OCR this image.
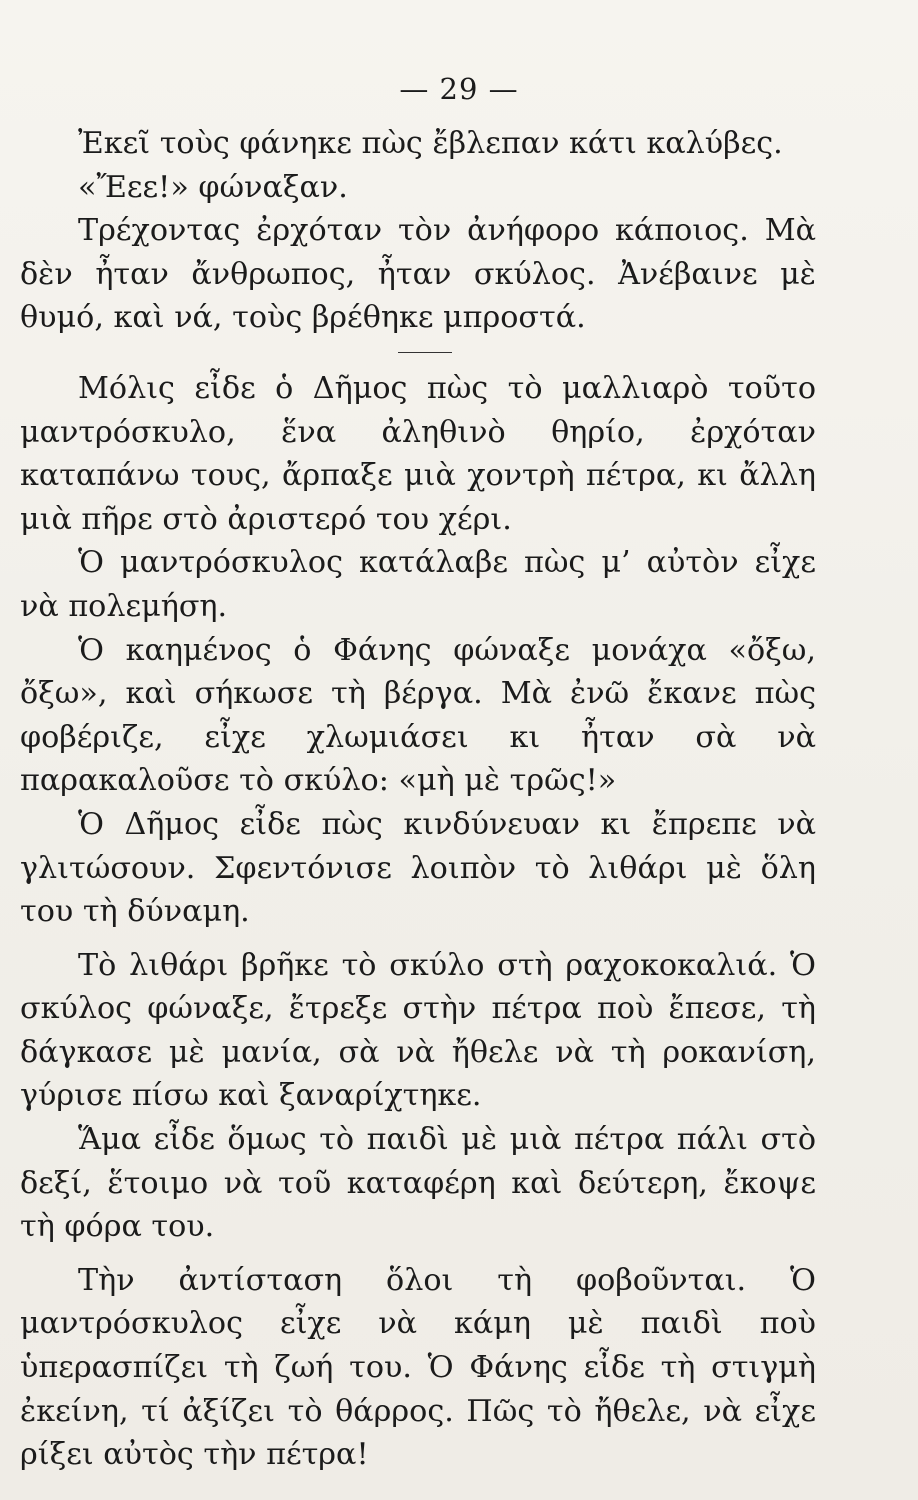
— 29 —

Ἐκεῖ τοὺς φάνηκε πὼς ἔβλεπαν κάτι καλύβες.

«Ἔεε!» φώναξαν.

Τρέχοντας ἐρχόταν τὸν ἀνήφορο κάποιος. Μὰ δὲν ἦταν ἄνθρωπος, ἦταν σκύλος. Ἀνέβαινε μὲ θυμό, καὶ νά, τοὺς βρέθηκε μπροστά.

Μόλις εἶδε ὁ Δῆμος πὼς τὸ μαλλιαρὸ τοῦτο μαντρόσκυλο, ἕνα ἀληθινὸ θηρίο, ἐρχόταν καταπάνω τους, ἄρπαξε μιὰ χοντρὴ πέτρα, κι ἄλλη μιὰ πῆρε στὸ ἀριστερό του χέρι.

Ὁ μαντρόσκυλος κατάλαβε πὼς μ’ αὐτὸν εἶχε νὰ πολεμήση.

Ὁ καημένος ὁ Φάνης φώναξε μονάχα «ὄξω, ὄξω», καὶ σήκωσε τὴ βέργα. Μὰ ἐνῶ ἔκανε πὼς φοβέριζε, εἶχε χλωμιάσει κι ἦταν σὰ νὰ παρακαλοῦσε τὸ σκύλο: «μὴ μὲ τρῶς!»

Ὁ Δῆμος εἶδε πὼς κινδύνευαν κι ἔπρεπε νὰ γλιτώσουν. Σφεντόνισε λοιπὸν τὸ λιθάρι μὲ ὅλη του τὴ δύναμη.

Τὸ λιθάρι βρῆκε τὸ σκύλο στὴ ραχοκοκαλιά. Ὁ σκύλος φώναξε, ἔτρεξε στὴν πέτρα ποὺ ἔπεσε, τὴ δάγκασε μὲ μανία, σὰ νὰ ἤθελε νὰ τὴ ροκανίση, γύρισε πίσω καὶ ξαναρίχτηκε.

Ἅμα εἶδε ὅμως τὸ παιδὶ μὲ μιὰ πέτρα πάλι στὸ δεξί, ἕτοιμο νὰ τοῦ καταφέρη καὶ δεύτερη, ἔκοψε τὴ φόρα του.

Τὴν ἀντίσταση ὅλοι τὴ φοβοῦνται. Ὁ μαντρόσκυλος εἶχε νὰ κάμη μὲ παιδὶ ποὺ ὑπερασπίζει τὴ ζωή του. Ὁ Φάνης εἶδε τὴ στιγμὴ ἐκείνη, τί ἀξίζει τὸ θάρρος. Πῶς τὸ ἤθελε, νὰ εἶχε ρίξει αὐτὸς τὴν πέτρα!
